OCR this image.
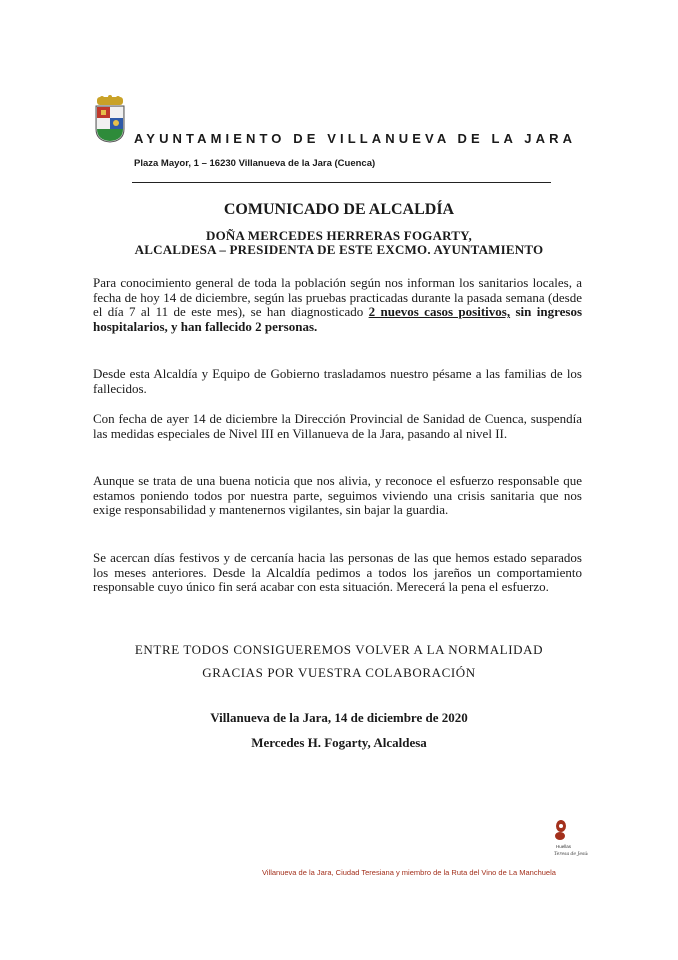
AYUNTAMIENTO DE VILLANUEVA DE LA JARA
Plaza Mayor, 1 – 16230 Villanueva de la Jara (Cuenca)
COMUNICADO DE ALCALDÍA
DOÑA MERCEDES HERRERAS FOGARTY,
ALCALDESA – PRESIDENTA DE ESTE EXCMO. AYUNTAMIENTO
Para conocimiento general de toda la población según nos informan los sanitarios locales, a fecha de hoy 14 de diciembre, según las pruebas practicadas durante la pasada semana (desde el día 7 al 11 de este mes), se han diagnosticado 2 nuevos casos positivos, sin ingresos hospitalarios, y han fallecido 2 personas.
Desde esta Alcaldía y Equipo de Gobierno trasladamos nuestro pésame a las familias de los fallecidos.
Con fecha de ayer 14 de diciembre la Dirección Provincial de Sanidad de Cuenca, suspendía las medidas especiales de Nivel III en Villanueva de la Jara, pasando al nivel II.
Aunque se trata de una buena noticia que nos alivia, y reconoce el esfuerzo responsable que estamos poniendo todos por nuestra parte, seguimos viviendo una crisis sanitaria que nos exige responsabilidad y mantenernos vigilantes, sin bajar la guardia.
Se acercan días festivos y de cercanía hacia las personas de las que hemos estado separados los meses anteriores. Desde la Alcaldía pedimos a todos los jareños un comportamiento responsable cuyo único fin será acabar con esta situación. Merecerá la pena el esfuerzo.
ENTRE TODOS CONSIGUEREMOS VOLVER A LA NORMALIDAD
GRACIAS POR VUESTRA COLABORACIÓN
Villanueva de la Jara, 14 de diciembre de 2020
Mercedes H. Fogarty, Alcaldesa
Huellas
Teresa de Jesús
Villanueva de la Jara, Ciudad Teresiana y miembro de la Ruta del Vino de La Manchuela
